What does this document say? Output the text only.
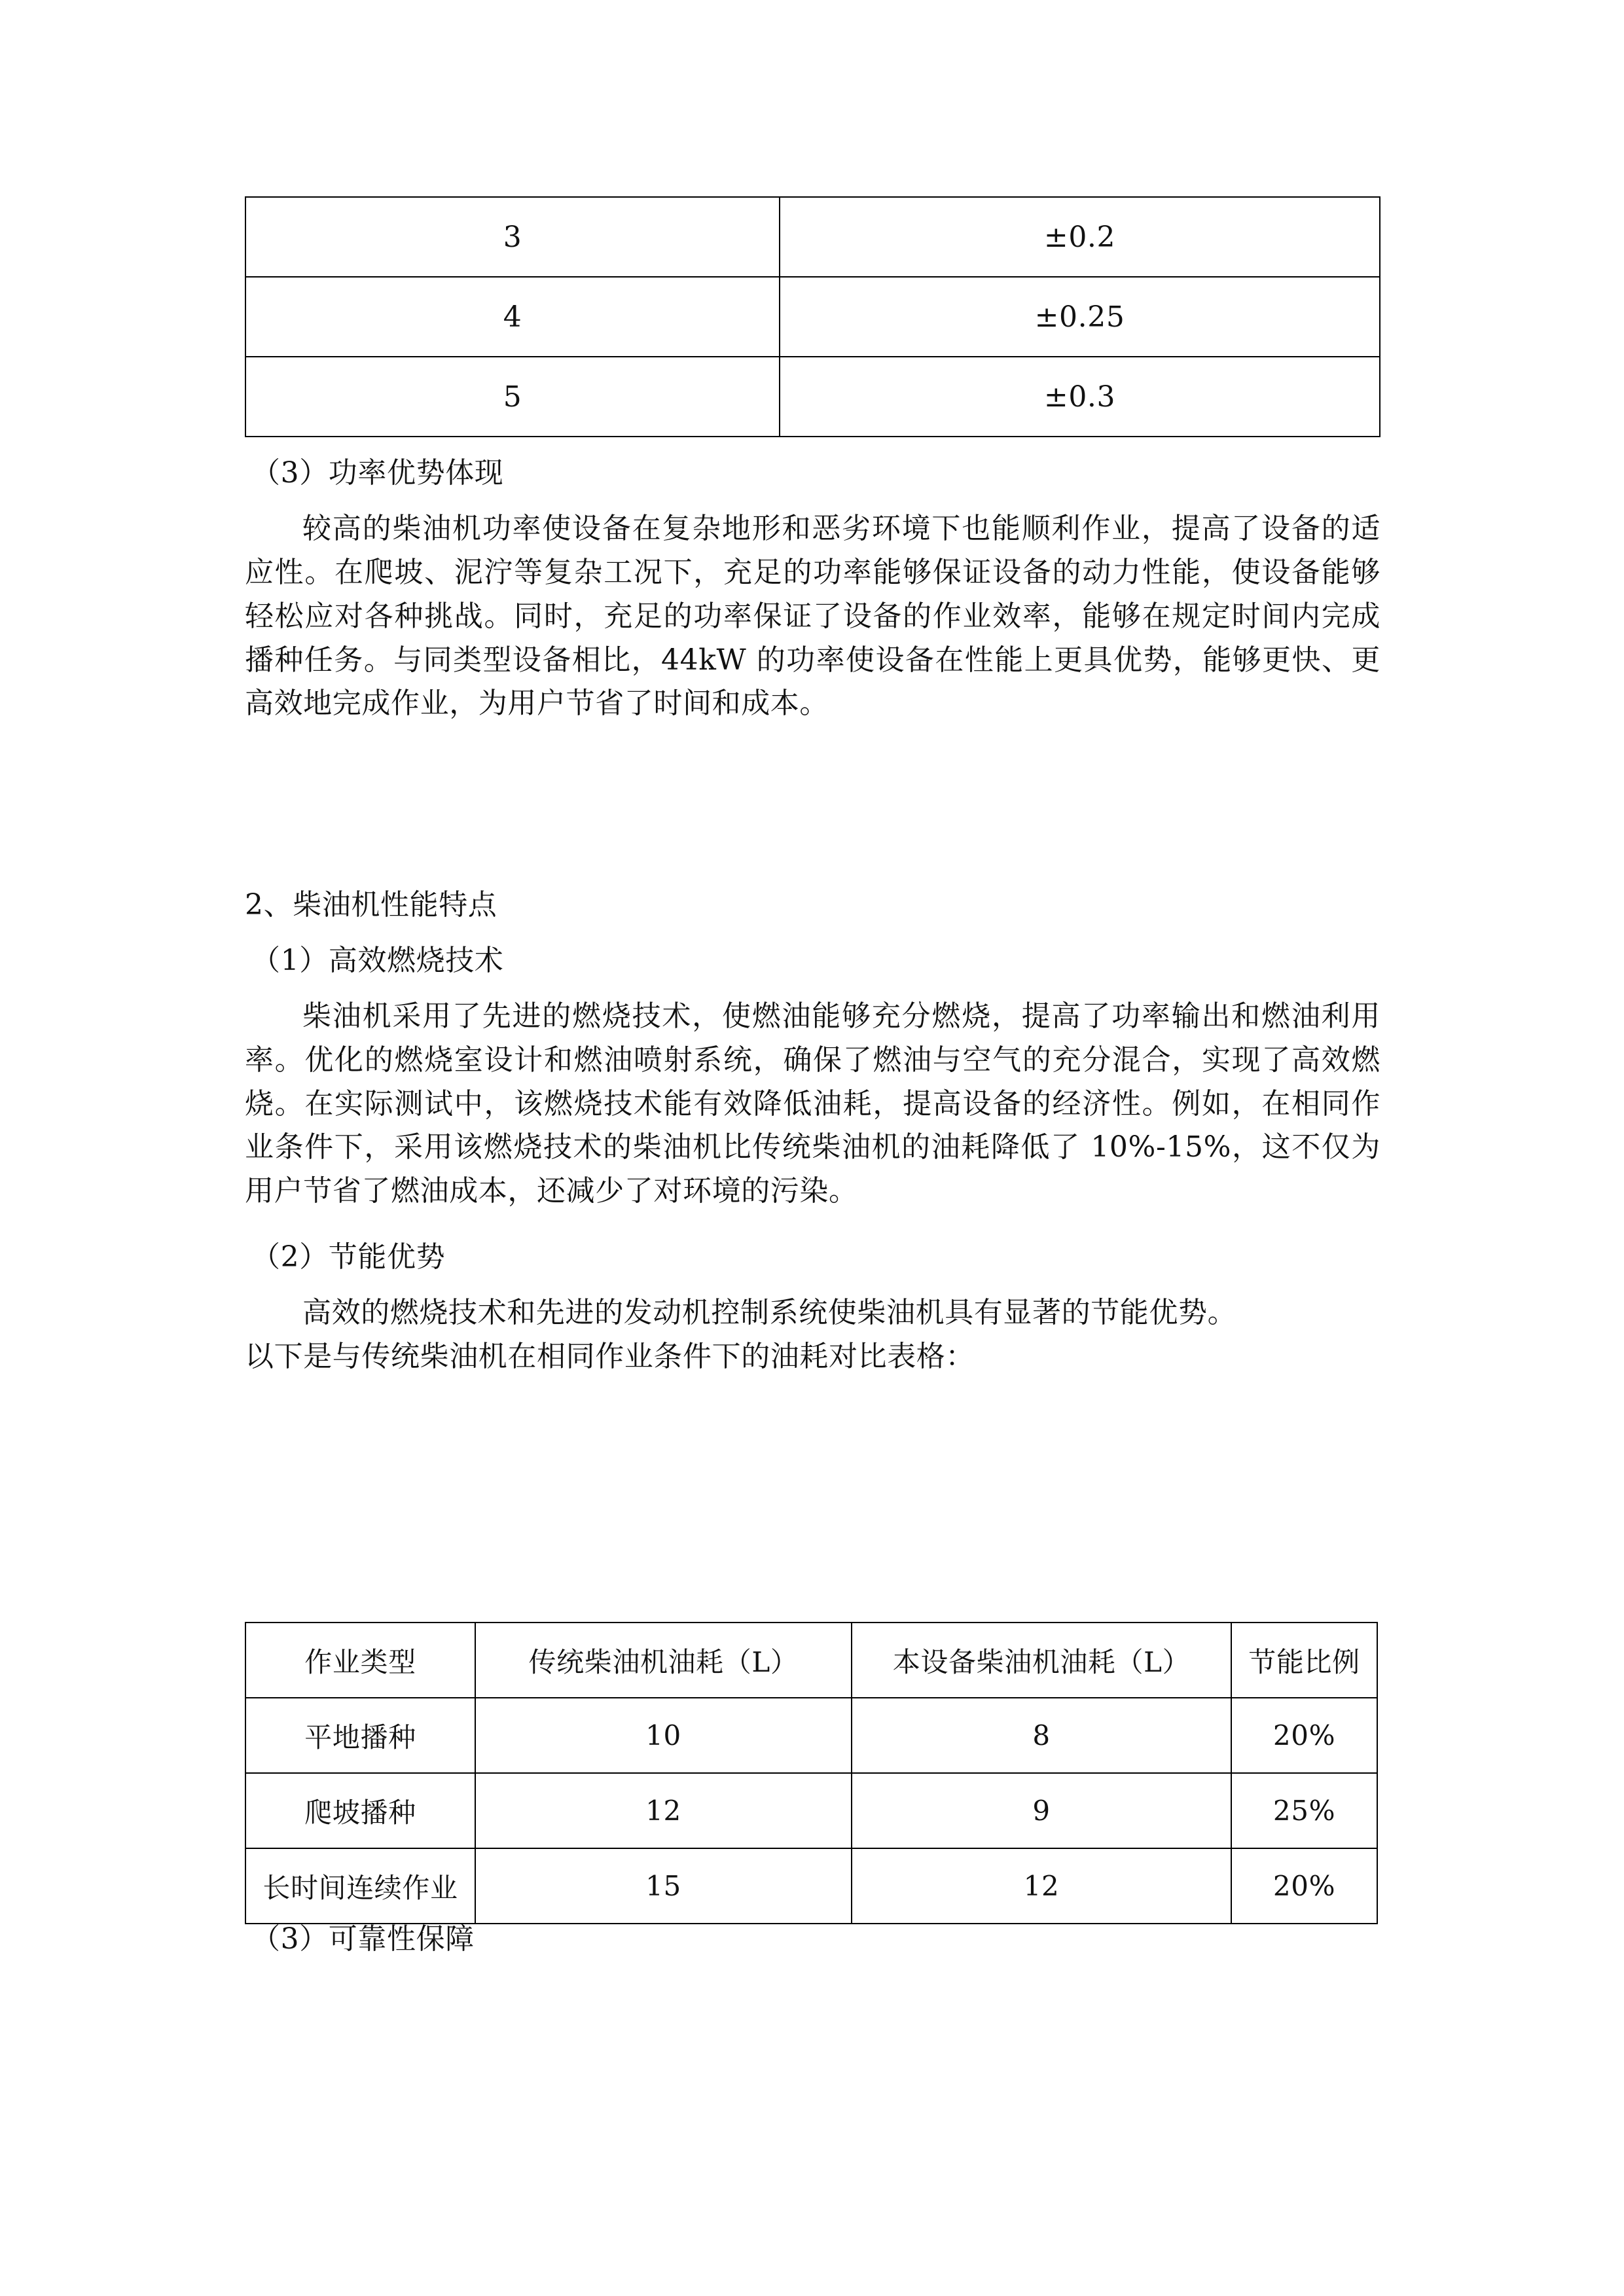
3	±0.2
4	±0.25
5	±0.3

（3）功率优势体现

较高的柴油机功率使设备在复杂地形和恶劣环境下也能顺利作业，提高了设备的适应性。在爬坡、泥泞等复杂工况下，充足的功率能够保证设备的动力性能，使设备能够轻松应对各种挑战。同时，充足的功率保证了设备的作业效率，能够在规定时间内完成播种任务。与同类型设备相比，44kW 的功率使设备在性能上更具优势，能够更快、更高效地完成作业，为用户节省了时间和成本。

2、柴油机性能特点

（1）高效燃烧技术

柴油机采用了先进的燃烧技术，使燃油能够充分燃烧，提高了功率输出和燃油利用率。优化的燃烧室设计和燃油喷射系统，确保了燃油与空气的充分混合，实现了高效燃烧。在实际测试中，该燃烧技术能有效降低油耗，提高设备的经济性。例如，在相同作业条件下，采用该燃烧技术的柴油机比传统柴油机的油耗降低了 10%-15%，这不仅为用户节省了燃油成本，还减少了对环境的污染。

（2）节能优势

高效的燃烧技术和先进的发动机控制系统使柴油机具有显著的节能优势。

以下是与传统柴油机在相同作业条件下的油耗对比表格：

作业类型	传统柴油机油耗（L）	本设备柴油机油耗（L）	节能比例
平地播种	10	8	20%
爬坡播种	12	9	25%
长时间连续作业	15	12	20%

（3）可靠性保障
